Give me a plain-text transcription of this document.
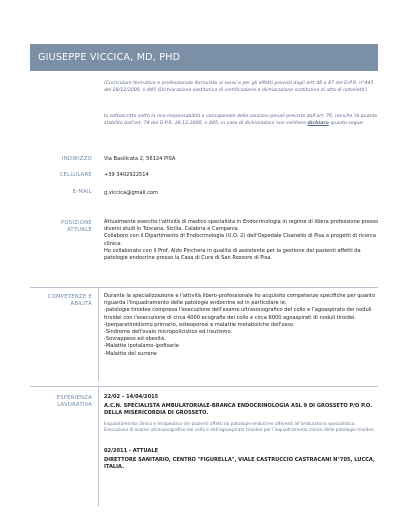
GIUSEPPE VICCICA, MD, PHD

(Curriculum formativo e professionale formulato ai sensi e per gli effetti previsti dagli artt 46 e 47 del D.P.R. n°445 del 28/12/2000, n.445 (Dichiarazione sostitutiva di certificazione e dichiarazione sostitutiva di atto di notorietà').

Io sottoscritto sotto la mia responsabilità e consapevole delle sanzioni penali previste dall'art. 76, nonche 'di quanto stabilito dall'art. 74 del D.P.R. 28.12.2000, n.445, in caso di dichiarazioni non veritiere dichiaro quanto segue:

INDIRIZZO Via Basilicata 2, 56124 PISA
CELLULARE +39 3402922514
E-MAIL g.viccica@gmail.com
POSIZIONE
ATTUALE

Attualmente esercito l'attività di medico specialista in Endocrinologia in regime di libera professione presso diversi studi in Toscana, Sicilia, Calabria e Campania

Collaboro con il Dipartimento di Endocrinologia (U.O. 2) dell'Ospedale Cisanello di Pisa a progetti di ricerca clinica.

Ho collaborato con il Prof. Aldo Pinchera in qualità di assistente per la gestione dei pazienti affetti da patologie endocrine presso la Casa di Cura di San Rossore di Pisa.

COMPETENZE E
ABILITÀ

Durante la specializzazione e l'attività libero-professionale ho acquisito competenze specifiche per quanto riguarda l'inquadramento delle patologie endocrine ed in particolare le:

-patologie tiroidee compresa l'esecuzione dell'esame ultrasonografico del collo e l'agoaspirato dei noduli tiroidei con l'esecuzione di circa 4000 ecografie del collo e circa 6000 agoaspirati di noduli tiroidei.

-Iperparatiroidismo primario, osteoporosi e malattie metaboliche dell'osso.

-Sindrome dell'ovaio micropolicistico ed irsutismo.

-Sovrappeso ed obesità.

-Malattie ipotalamo-ipofisarie

-Malattie del surrene

ESPERIENZA
LAVORATIVA

22/02 – 14/04/2015

A.C.N. SPECIALISTA AMBULATORIALE-BRANCA ENDOCRINOLOGIA ASL 9 DI GROSSETO P/O P.O. DELLA MISERICORDIA DI GROSSETO.

Inquadramento clinico e terapeutico dei pazienti affetti da patologie endocrine afferenti all'ambulatorio specialistico. Esecuzione di esame ultrasonografico del collo e dell'agoaspirato tiroideo per l'inquadramento clinico delle patologie tiroidee.

02/2011 - ATTUALE

DIRETTORE SANITARIO, CENTRO "FIGURELLA", VIALE CASTRUCCIO CASTRACANI N°705, LUCCA, ITALIA.
